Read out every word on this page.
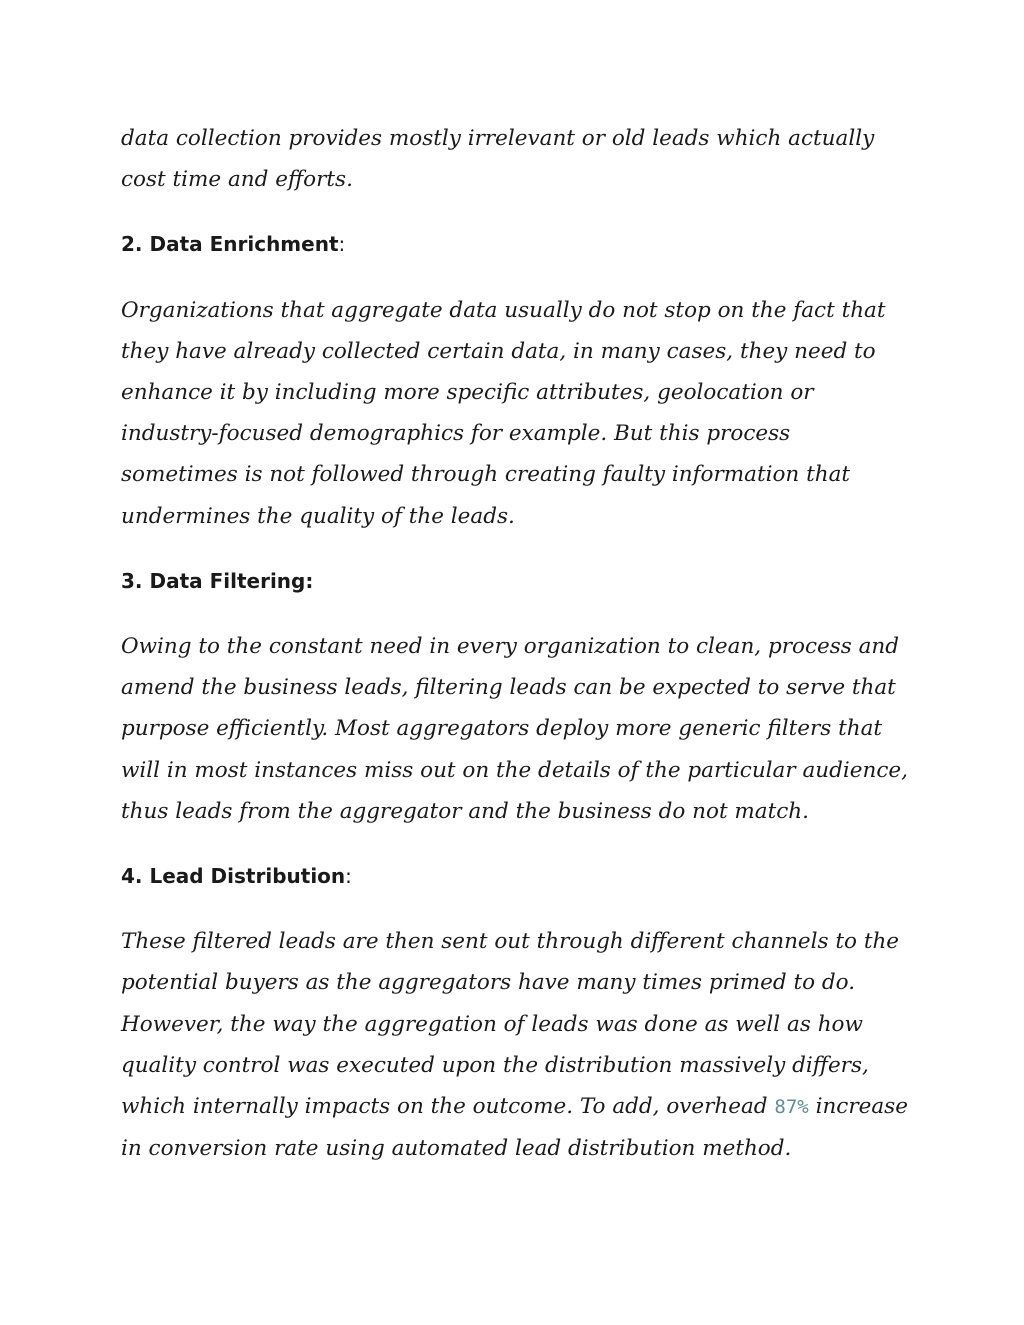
data collection provides mostly irrelevant or old leads which actually cost time and efforts.

2. Data Enrichment:

Organizations that aggregate data usually do not stop on the fact that they have already collected certain data, in many cases, they need to enhance it by including more specific attributes, geolocation or industry-focused demographics for example. But this process sometimes is not followed through creating faulty information that undermines the quality of the leads.

3. Data Filtering:

Owing to the constant need in every organization to clean, process and amend the business leads, filtering leads can be expected to serve that purpose efficiently. Most aggregators deploy more generic filters that will in most instances miss out on the details of the particular audience, thus leads from the aggregator and the business do not match.

4. Lead Distribution:

These filtered leads are then sent out through different channels to the potential buyers as the aggregators have many times primed to do. However, the way the aggregation of leads was done as well as how quality control was executed upon the distribution massively differs, which internally impacts on the outcome. To add, overhead 87% increase in conversion rate using automated lead distribution method.
